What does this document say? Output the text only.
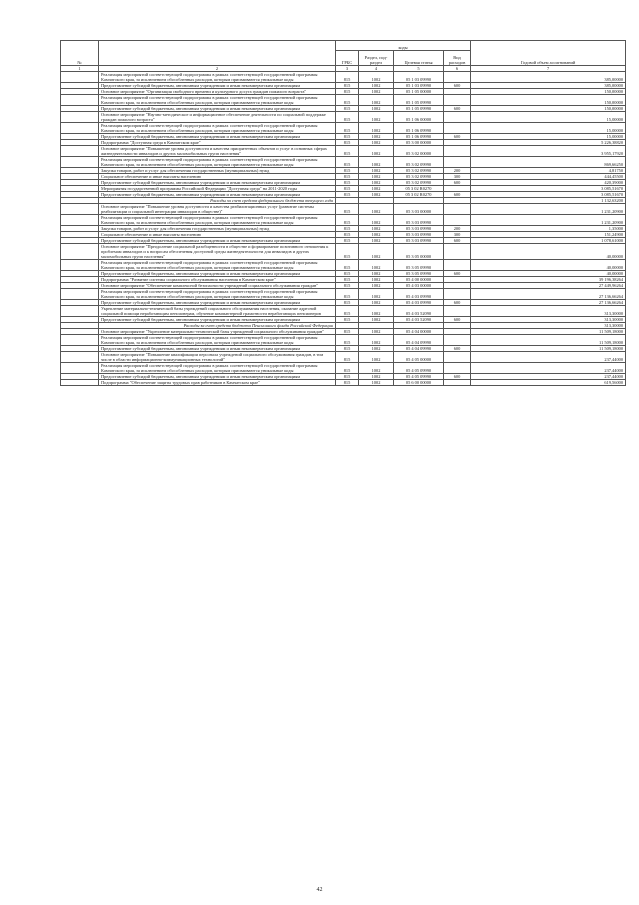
№		коды				Годовой объем ассигнований
		ГРБС	Раздел, под-раздел	Целевая статья	Вид расходов	
1	2	3	4	5	6	7
	Реализация мероприятий соответствующей подпрограммы в рамках соответствующей государственной программы Камчатского края, за исключением обособленных расходов, которым присваиваются уникальные коды	815	1002	05 1 03 09990		385,00000
	Предоставление субсидий бюджетным, автономным учреждениям и иным некоммерческим организациям	815	1002	05 1 03 09990	600	385,00000
	Основное мероприятие "Организация свободного времени и культурного досуга граждан пожилого возраста"	815	1002	05 1 05 00000		150,00000
	Реализация мероприятий соответствующей подпрограммы в рамках соответствующей государственной программы Камчатского края, за исключением обособленных расходов, которым присваиваются уникальные коды	815	1002	05 1 05 09990		150,00000
	Предоставление субсидий бюджетным, автономным учреждениям и иным некоммерческим организациям	815	1002	05 1 05 09990	600	150,00000
	Основное мероприятие "Научно-методическое и информационное обеспечение деятельности по социальной поддержке граждан пожилого возраста"	815	1002	05 1 06 00000		15,00000
	Реализация мероприятий соответствующей подпрограммы в рамках соответствующей государственной программы Камчатского края, за исключением обособленных расходов, которым присваиваются уникальные коды	815	1002	05 1 06 09990		15,00000
	Предоставление субсидий бюджетным, автономным учреждениям и иным некоммерческим организациям	815	1002	05 1 06 09990	600	15,00000
	Подпрограмма "Доступная среда в Камчатском крае"	815	1002	05 3 00 00000		5 226,38820
	Основное мероприятие "Повышение уровня доступности и качества приоритетных объектов и услуг в основных сферах жизнедеятельности инвалидов и других маломобильных групп населения"	815	1002	05 3 02 00000		3 955,17920
	Реализация мероприятий соответствующей подпрограммы в рамках соответствующей государственной программы Камчатского края, за исключением обособленных расходов, которым присваиваются уникальные коды	815	1002	05 3 02 09990		869,66250
	Закупка товаров, работ и услуг для обеспечения государственных (муниципальных) нужд	815	1002	05 3 02 09990	200	4,81750
	Социальное обеспечение и иные выплаты населению	815	1002	05 3 02 09990	300	444,45500
	Предоставление субсидий бюджетным, автономным учреждениям и иным некоммерческим организациям	815	1002	05 3 02 09990	600	420,39000
	Мероприятия государственной программы Российской Федерации "Доступная среда" на 2011-2020 годы	815	1002	05 3 02 R0270		3 085,51670
	Предоставление субсидий бюджетным, автономным учреждениям и иным некоммерческим организациям	815	1002	05 3 02 R0270	600	3 085,51670
	Расходы за счет средств федерального бюджета текущего года					1 132,63200
	Основное мероприятие "Повышение уровня доступности и качества реабилитационных услуг (развитие системы реабилитации и социальной интеграции инвалидов в обществе)"	815	1002	05 3 03 00000		1 231,20900
	Реализация мероприятий соответствующей подпрограммы в рамках соответствующей государственной программы Камчатского края, за исключением обособленных расходов, которым присваиваются уникальные коды	815	1002	05 3 03 09990		1 231,20900
	Закупка товаров, работ и услуг для обеспечения государственных (муниципальных) нужд	815	1002	05 3 03 09990	200	1,35000
	Социальное обеспечение и иные выплаты населению	815	1002	05 3 03 09990	300	151,24900
	Предоставление субсидий бюджетным, автономным учреждениям и иным некоммерческим организациям	815	1002	05 3 03 09990	600	1 078,61000
	Основное мероприятие "Преодоление социальной разобщенности в обществе и формирование позитивного отношения к проблемам инвалидов и к вопросам обеспечения доступной среды жизнедеятельности для инвалидов и других маломобильных групп населения"	815	1002	05 3 05 00000		40,00000
	Реализация мероприятий соответствующей подпрограммы в рамках соответствующей государственной программы Камчатского края, за исключением обособленных расходов, которым присваиваются уникальные коды	815	1002	05 3 05 09990		40,00000
	Предоставление субсидий бюджетным, автономным учреждениям и иным некоммерческим организациям	815	1002	05 3 05 09990	600	40,00000
	Подпрограмма "Развитие системы социального обслуживания населения в Камчатском крае"	815	1002	05 4 00 00000		39 196,38264
	Основное мероприятие "Обеспечение комплексной безопасности учреждений социального обслуживания граждан"	815	1002	05 4 03 00000		27 449,96264
	Реализация мероприятий соответствующей подпрограммы в рамках соответствующей государственной программы Камчатского края, за исключением обособленных расходов, которым присваиваются уникальные коды	815	1002	05 4 03 09990		27 136,66264
	Предоставление субсидий бюджетным, автономным учреждениям и иным некоммерческим организациям	815	1002	05 4 03 09990	600	27 136,66264
	Укрепление материально-технической базы учреждений социального обслуживания населения, оказание адресной социальной помощи неработающим пенсионерам, обучение компьютерной грамотности неработающих пенсионеров	815	1002	05 4 03 52090		313,30000
	Предоставление субсидий бюджетным, автономным учреждениям и иным некоммерческим организациям	815	1002	05 4 03 52090	600	313,30000
	Расходы за счет средств бюджета Пенсионного фонда Российской Федерации					313,30000
	Основное мероприятие "Укрепление материально-технической базы учреждений социального обслуживания граждан"	815	1002	05 4 04 00000		11 509,18000
	Реализация мероприятий соответствующей подпрограммы в рамках соответствующей государственной программы Камчатского края, за исключением обособленных расходов, которым присваиваются уникальные коды	815	1002	05 4 04 09990		11 509,18000
	Предоставление субсидий бюджетным, автономным учреждениям и иным некоммерческим организациям	815	1002	05 4 04 09990	600	11 509,18000
	Основное мероприятие "Повышение квалификации персонала учреждений социального обслуживания граждан, в том числе в области информационно-коммуникационных технологий"	815	1002	05 4 05 00000		237,44000
	Реализация мероприятий соответствующей подпрограммы в рамках соответствующей государственной программы Камчатского края, за исключением обособленных расходов, которым присваиваются уникальные коды	815	1002	05 4 05 09990		237,44000
	Предоставление субсидий бюджетным, автономным учреждениям и иным некоммерческим организациям	815	1002	05 4 05 09990	600	237,44000
	Подпрограмма "Обеспечение защиты трудовых прав работников в Камчатском крае"	815	1002	05 6 00 00000		619,56000
42
